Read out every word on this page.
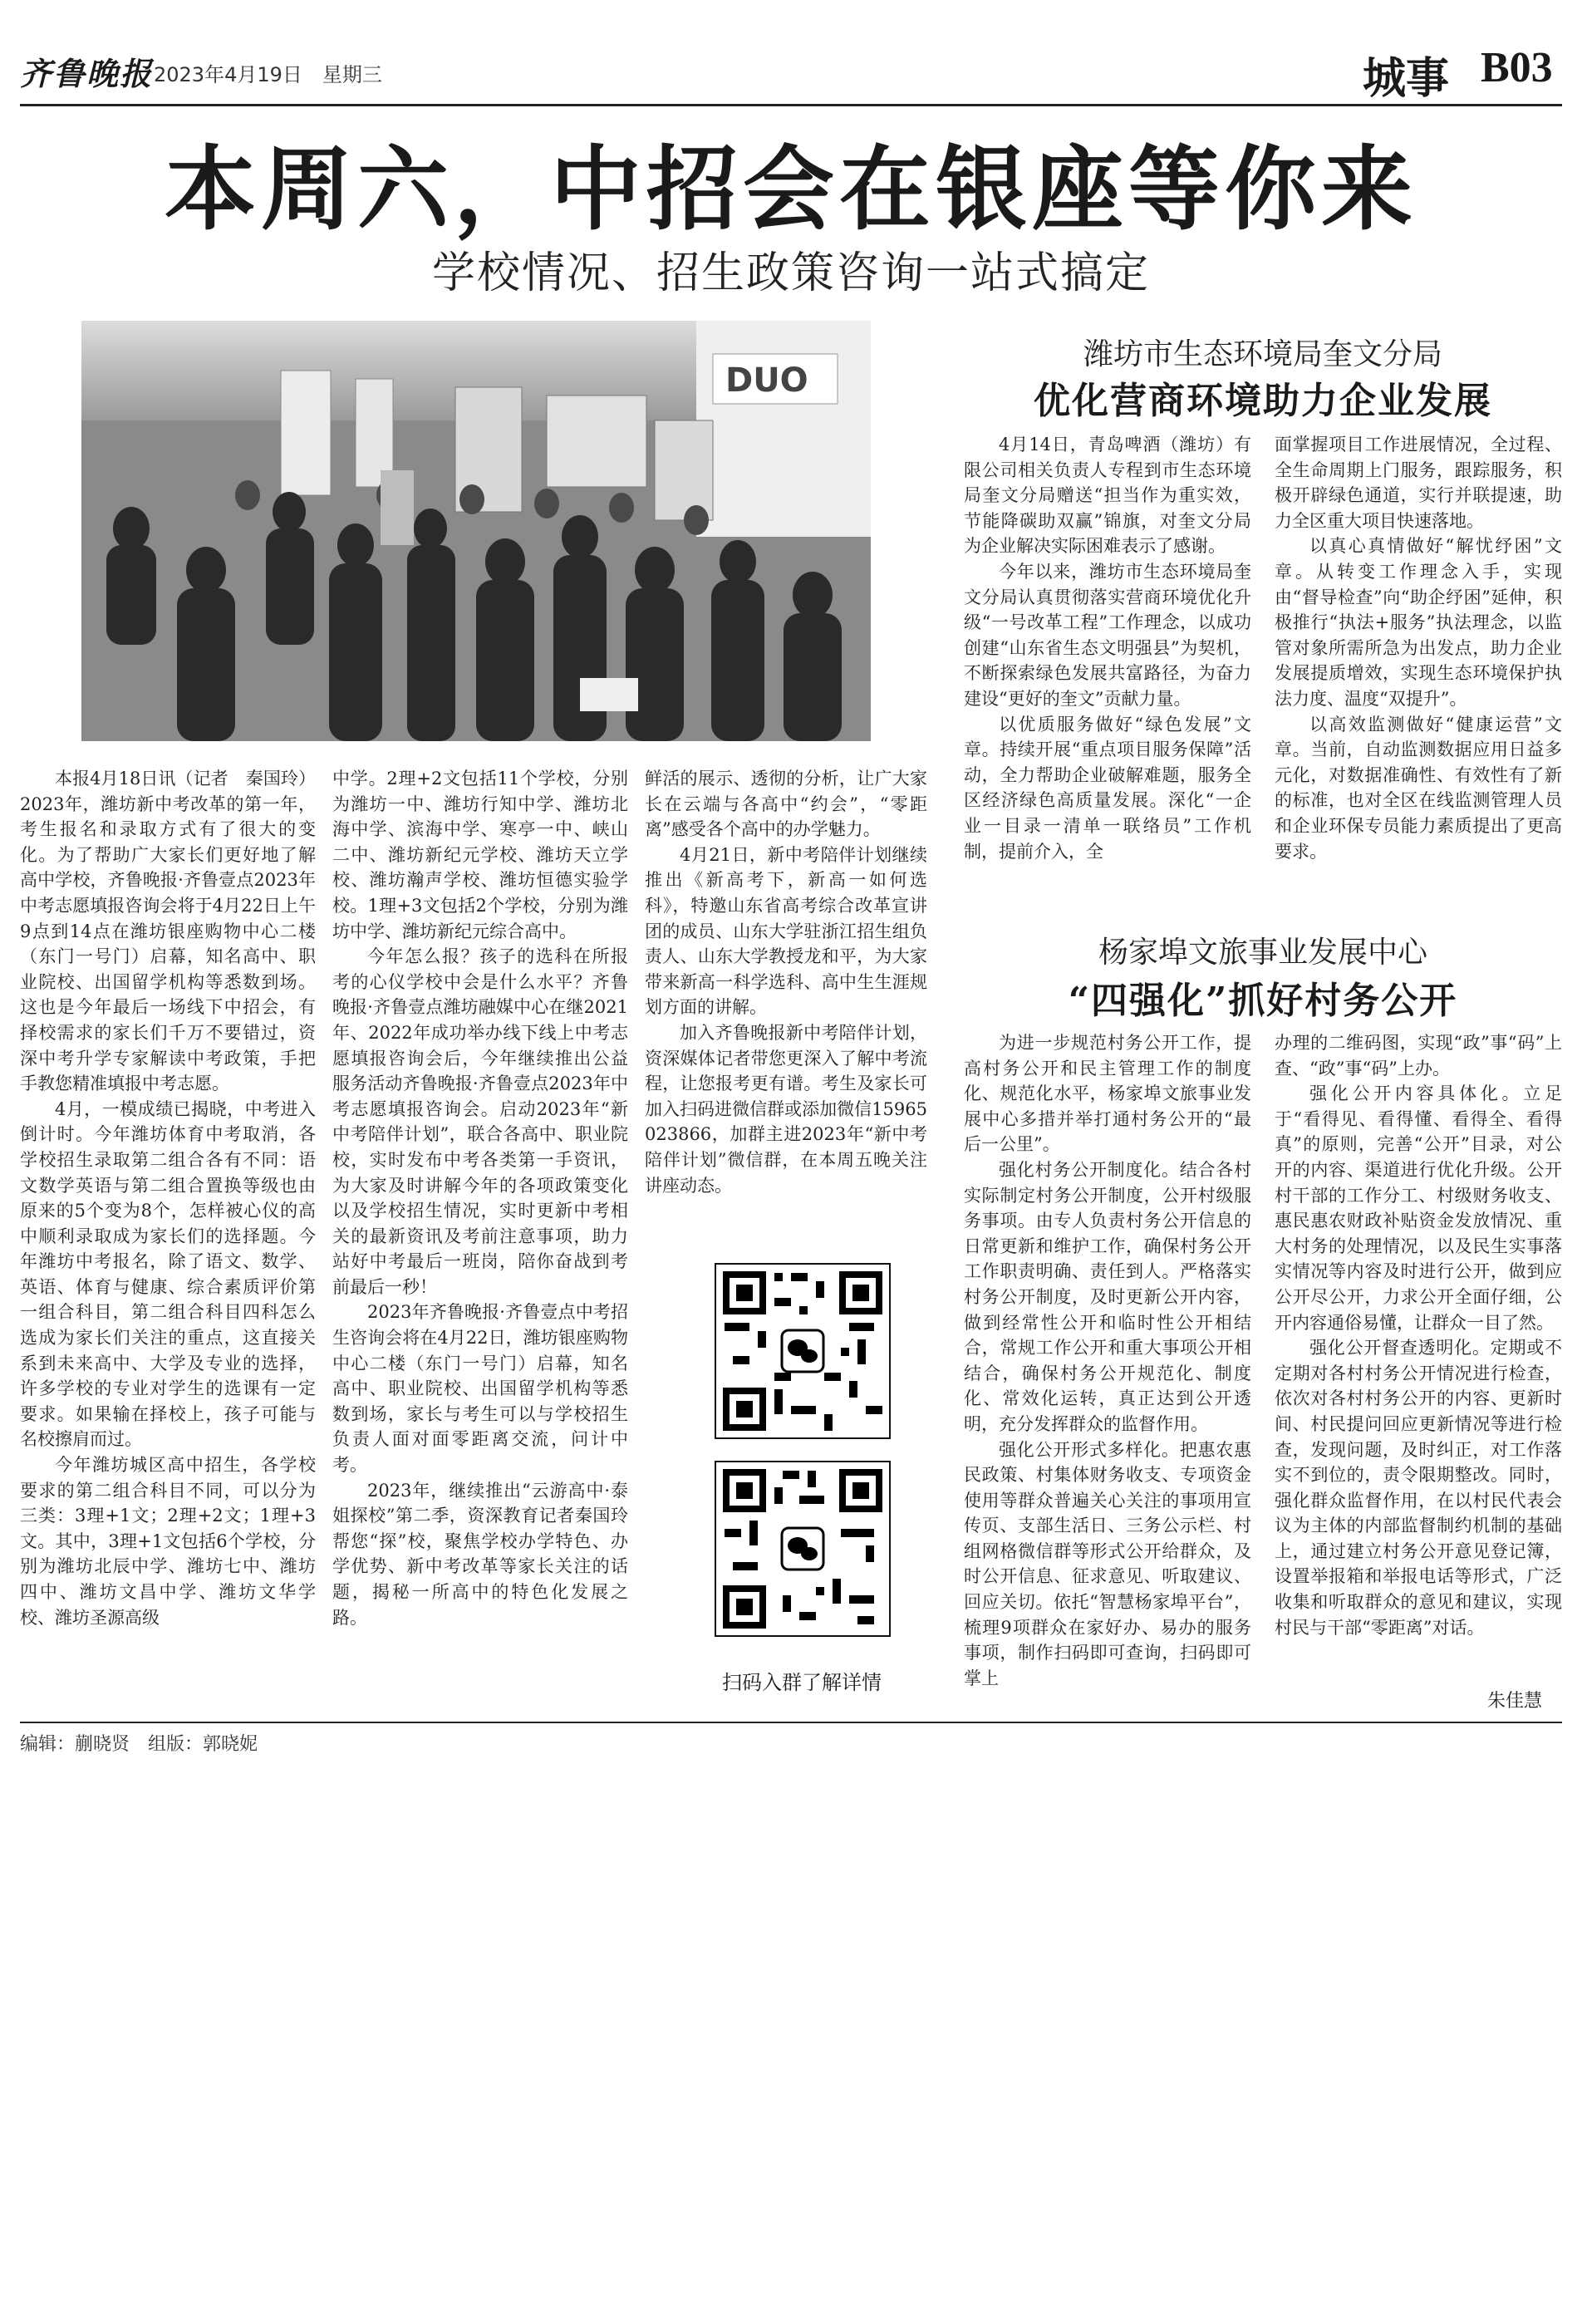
齐鲁晚报 2023年4月19日　星期三	城事 B03
本周六，中招会在银座等你来
学校情况、招生政策咨询一站式搞定
DUO

本报4月18日讯（记者　秦国玲）2023年，潍坊新中考改革的第一年，考生报名和录取方式有了很大的变化。为了帮助广大家长们更好地了解高中学校，齐鲁晚报·齐鲁壹点2023年中考志愿填报咨询会将于4月22日上午9点到14点在潍坊银座购物中心二楼（东门一号门）启幕，知名高中、职业院校、出国留学机构等悉数到场。这也是今年最后一场线下中招会，有择校需求的家长们千万不要错过，资深中考升学专家解读中考政策，手把手教您精准填报中考志愿。

4月，一模成绩已揭晓，中考进入倒计时。今年潍坊体育中考取消，各学校招生录取第二组合各有不同：语文数学英语与第二组合置换等级也由原来的5个变为8个，怎样被心仪的高中顺利录取成为家长们的选择题。今年潍坊中考报名，除了语文、数学、英语、体育与健康、综合素质评价第一组合科目，第二组合科目四科怎么选成为家长们关注的重点，这直接关系到未来高中、大学及专业的选择，许多学校的专业对学生的选课有一定要求。如果输在择校上，孩子可能与名校擦肩而过。

今年潍坊城区高中招生，各学校要求的第二组合科目不同，可以分为三类：3理+1文；2理+2文；1理+3文。其中，3理+1文包括6个学校，分别为潍坊北辰中学、潍坊七中、潍坊四中、潍坊文昌中学、潍坊文华学校、潍坊圣源高级

中学。2理+2文包括11个学校，分别为潍坊一中、潍坊行知中学、潍坊北海中学、滨海中学、寒亭一中、峡山二中、潍坊新纪元学校、潍坊天立学校、潍坊瀚声学校、潍坊恒德实验学校。1理+3文包括2个学校，分别为潍坊中学、潍坊新纪元综合高中。

今年怎么报？孩子的选科在所报考的心仪学校中会是什么水平？齐鲁晚报·齐鲁壹点潍坊融媒中心在继2021年、2022年成功举办线下线上中考志愿填报咨询会后，今年继续推出公益服务活动齐鲁晚报·齐鲁壹点2023年中考志愿填报咨询会。启动2023年“新中考陪伴计划”，联合各高中、职业院校，实时发布中考各类第一手资讯，为大家及时讲解今年的各项政策变化以及学校招生情况，实时更新中考相关的最新资讯及考前注意事项，助力站好中考最后一班岗，陪你奋战到考前最后一秒！

2023年齐鲁晚报·齐鲁壹点中考招生咨询会将在4月22日，潍坊银座购物中心二楼（东门一号门）启幕，知名高中、职业院校、出国留学机构等悉数到场，家长与考生可以与学校招生负责人面对面零距离交流，问计中考。

2023年，继续推出“云游高中·泰姐探校”第二季，资深教育记者秦国玲帮您“探”校，聚焦学校办学特色、办学优势、新中考改革等家长关注的话题，揭秘一所高中的特色化发展之路。

鲜活的展示、透彻的分析，让广大家长在云端与各高中“约会”，“零距离”感受各个高中的办学魅力。

4月21日，新中考陪伴计划继续推出《新高考下，新高一如何选科》，特邀山东省高考综合改革宣讲团的成员、山东大学驻浙江招生组负责人、山东大学教授龙和平，为大家带来新高一科学选科、高中生生涯规划方面的讲解。

加入齐鲁晚报新中考陪伴计划，资深媒体记者带您更深入了解中考流程，让您报考更有谱。考生及家长可加入扫码进微信群或添加微信15965023866，加群主进2023年“新中考陪伴计划”微信群，在本周五晚关注讲座动态。

扫码入群了解详情
潍坊市生态环境局奎文分局
优化营商环境助力企业发展

4月14日，青岛啤酒（潍坊）有限公司相关负责人专程到市生态环境局奎文分局赠送“担当作为重实效，节能降碳助双赢”锦旗，对奎文分局为企业解决实际困难表示了感谢。

今年以来，潍坊市生态环境局奎文分局认真贯彻落实营商环境优化升级“一号改革工程”工作理念，以成功创建“山东省生态文明强县”为契机，不断探索绿色发展共富路径，为奋力建设“更好的奎文”贡献力量。

以优质服务做好“绿色发展”文章。持续开展“重点项目服务保障”活动，全力帮助企业破解难题，服务全区经济绿色高质量发展。深化“一企业一目录一清单一联络员”工作机制，提前介入，全

面掌握项目工作进展情况，全过程、全生命周期上门服务，跟踪服务，积极开辟绿色通道，实行并联提速，助力全区重大项目快速落地。

以真心真情做好“解忧纾困”文章。从转变工作理念入手，实现由“督导检查”向“助企纾困”延伸，积极推行“执法+服务”执法理念，以监管对象所需所急为出发点，助力企业发展提质增效，实现生态环境保护执法力度、温度“双提升”。

以高效监测做好“健康运营”文章。当前，自动监测数据应用日益多元化，对数据准确性、有效性有了新的标准，也对全区在线监测管理人员和企业环保专员能力素质提出了更高要求。

杨家埠文旅事业发展中心
“四强化”抓好村务公开

为进一步规范村务公开工作，提高村务公开和民主管理工作的制度化、规范化水平，杨家埠文旅事业发展中心多措并举打通村务公开的“最后一公里”。

强化村务公开制度化。结合各村实际制定村务公开制度，公开村级服务事项。由专人负责村务公开信息的日常更新和维护工作，确保村务公开工作职责明确、责任到人。严格落实村务公开制度，及时更新公开内容，做到经常性公开和临时性公开相结合，常规工作公开和重大事项公开相结合，确保村务公开规范化、制度化、常效化运转，真正达到公开透明，充分发挥群众的监督作用。

强化公开形式多样化。把惠农惠民政策、村集体财务收支、专项资金使用等群众普遍关心关注的事项用宣传页、支部生活日、三务公示栏、村组网格微信群等形式公开给群众，及时公开信息、征求意见、听取建议、回应关切。依托“智慧杨家埠平台”，梳理9项群众在家好办、易办的服务事项，制作扫码即可查询，扫码即可掌上

办理的二维码图，实现“政”事“码”上查、“政”事“码”上办。

强化公开内容具体化。立足于“看得见、看得懂、看得全、看得真”的原则，完善“公开”目录，对公开的内容、渠道进行优化升级。公开村干部的工作分工、村级财务收支、惠民惠农财政补贴资金发放情况、重大村务的处理情况，以及民生实事落实情况等内容及时进行公开，做到应公开尽公开，力求公开全面仔细，公开内容通俗易懂，让群众一目了然。

强化公开督查透明化。定期或不定期对各村村务公开情况进行检查，依次对各村村务公开的内容、更新时间、村民提问回应更新情况等进行检查，发现问题，及时纠正，对工作落实不到位的，责令限期整改。同时，强化群众监督作用，在以村民代表会议为主体的内部监督制约机制的基础上，通过建立村务公开意见登记簿，设置举报箱和举报电话等形式，广泛收集和听取群众的意见和建议，实现村民与干部“零距离”对话。

朱佳慧
编辑：蒯晓贤　组版：郭晓妮
